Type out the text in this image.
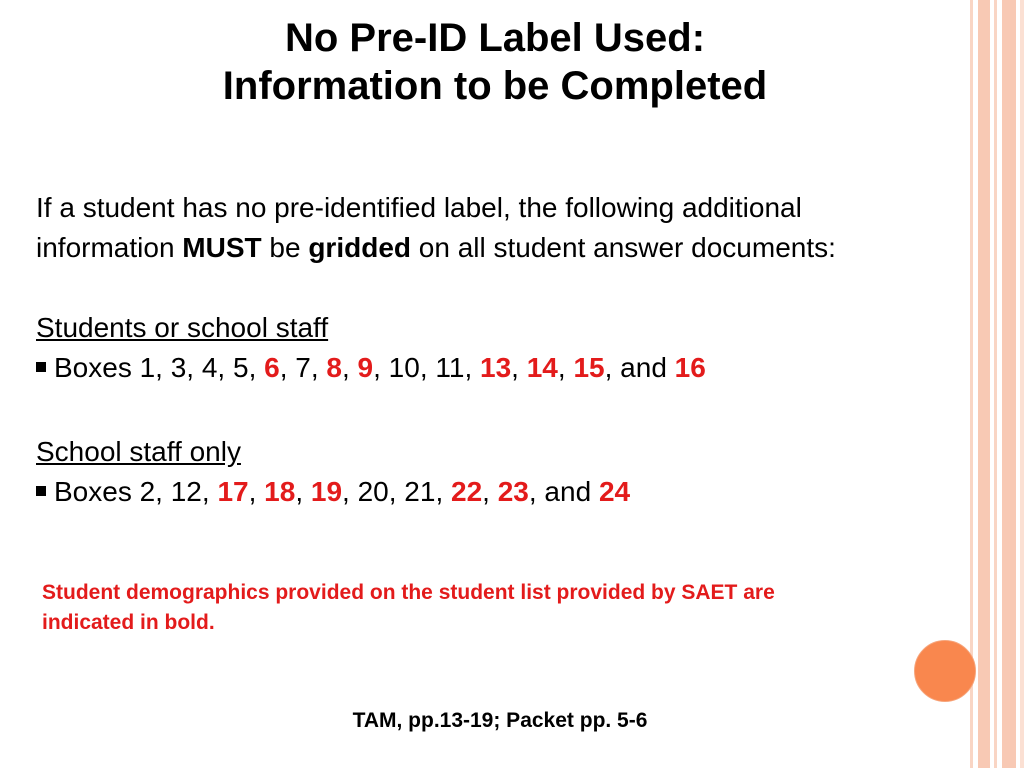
No Pre-ID Label Used:
Information to be Completed
If a student has no pre-identified label, the following additional
information MUST be gridded on all student answer documents:
Students or school staff
Boxes 1, 3, 4, 5, 6, 7, 8, 9, 10, 11, 13, 14, 15, and 16
School staff only
Boxes 2, 12, 17, 18, 19, 20, 21, 22, 23, and 24
Student demographics provided on the student list provided by SAET are
indicated in bold.
TAM, pp.13-19; Packet pp. 5-6
